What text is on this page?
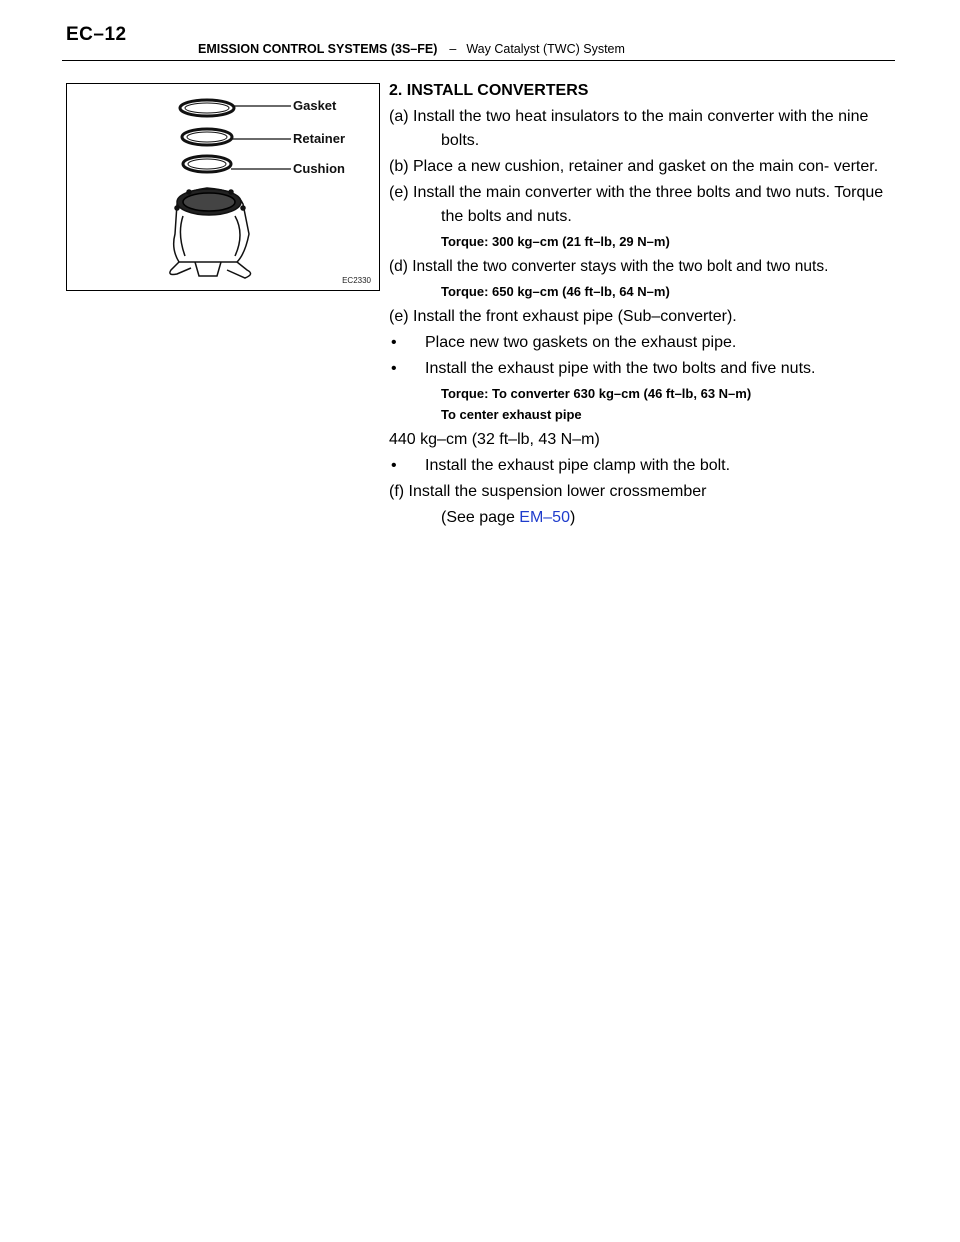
EC–12
EMISSION CONTROL SYSTEMS (3S–FE) – Way Catalyst (TWC) System
Gasket
Retainer
Cushion
EC2330
2. INSTALL CONVERTERS
(a) Install the two heat insulators to the main converter with the nine bolts.
(b) Place a new cushion, retainer and gasket on the main con- verter.
(e) Install the main converter with the three bolts and two nuts. Torque the bolts and nuts.
Torque: 300 kg–cm (21 ft–lb, 29 N–m)
(d) Install the two converter stays with the two bolt and two nuts.
Torque: 650 kg–cm (46 ft–lb, 64 N–m)
(e) Install the front exhaust pipe (Sub–converter).
• Place new two gaskets on the exhaust pipe.
• Install the exhaust pipe with the two bolts and five nuts.
Torque: To converter 630 kg–cm (46 ft–lb, 63 N–m)
To center exhaust pipe
440 kg–cm (32 ft–lb, 43 N–m)
• Install the exhaust pipe clamp with the bolt.
(f) Install the suspension lower crossmember
(See page EM–50)
